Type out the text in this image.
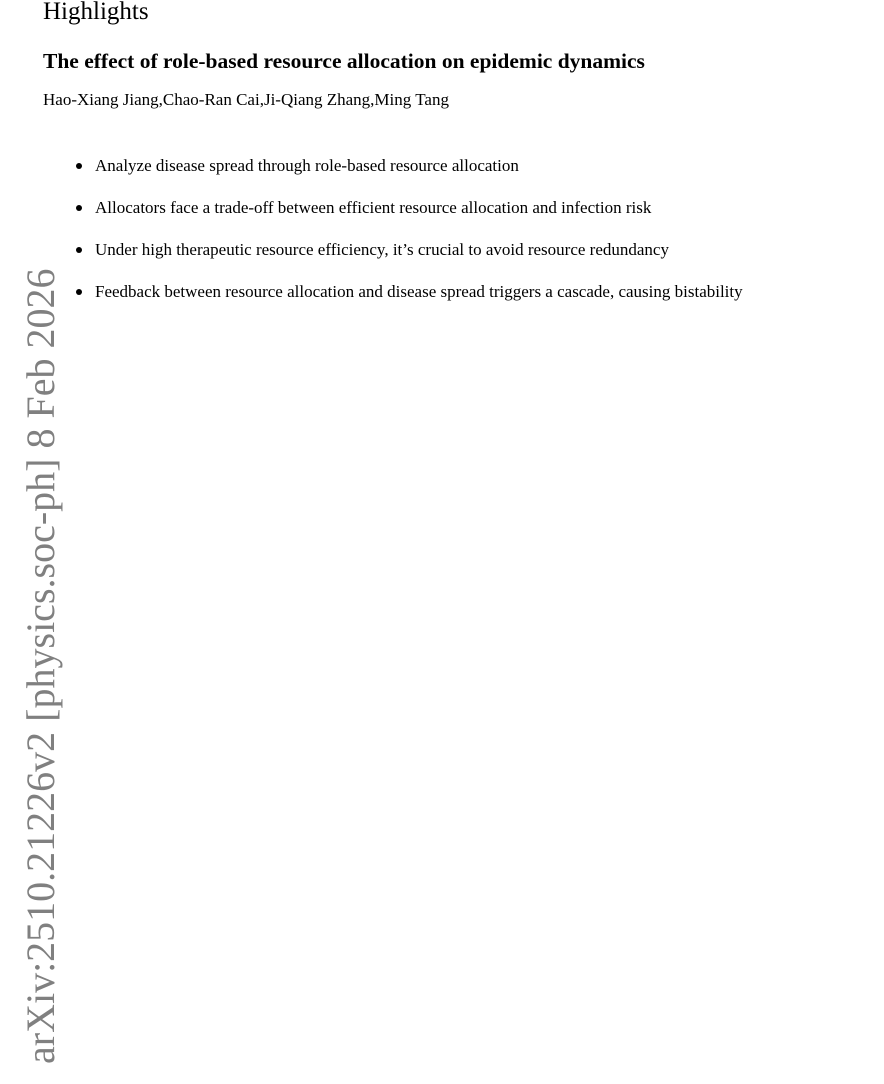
Highlights
The effect of role-based resource allocation on epidemic dynamics
Hao-Xiang Jiang,Chao-Ran Cai,Ji-Qiang Zhang,Ming Tang
Analyze disease spread through role-based resource allocation
Allocators face a trade-off between efficient resource allocation and infection risk
Under high therapeutic resource efficiency, it’s crucial to avoid resource redundancy
Feedback between resource allocation and disease spread triggers a cascade, causing bistability
arXiv:2510.21226v2 [physics.soc-ph] 8 Feb 2026
